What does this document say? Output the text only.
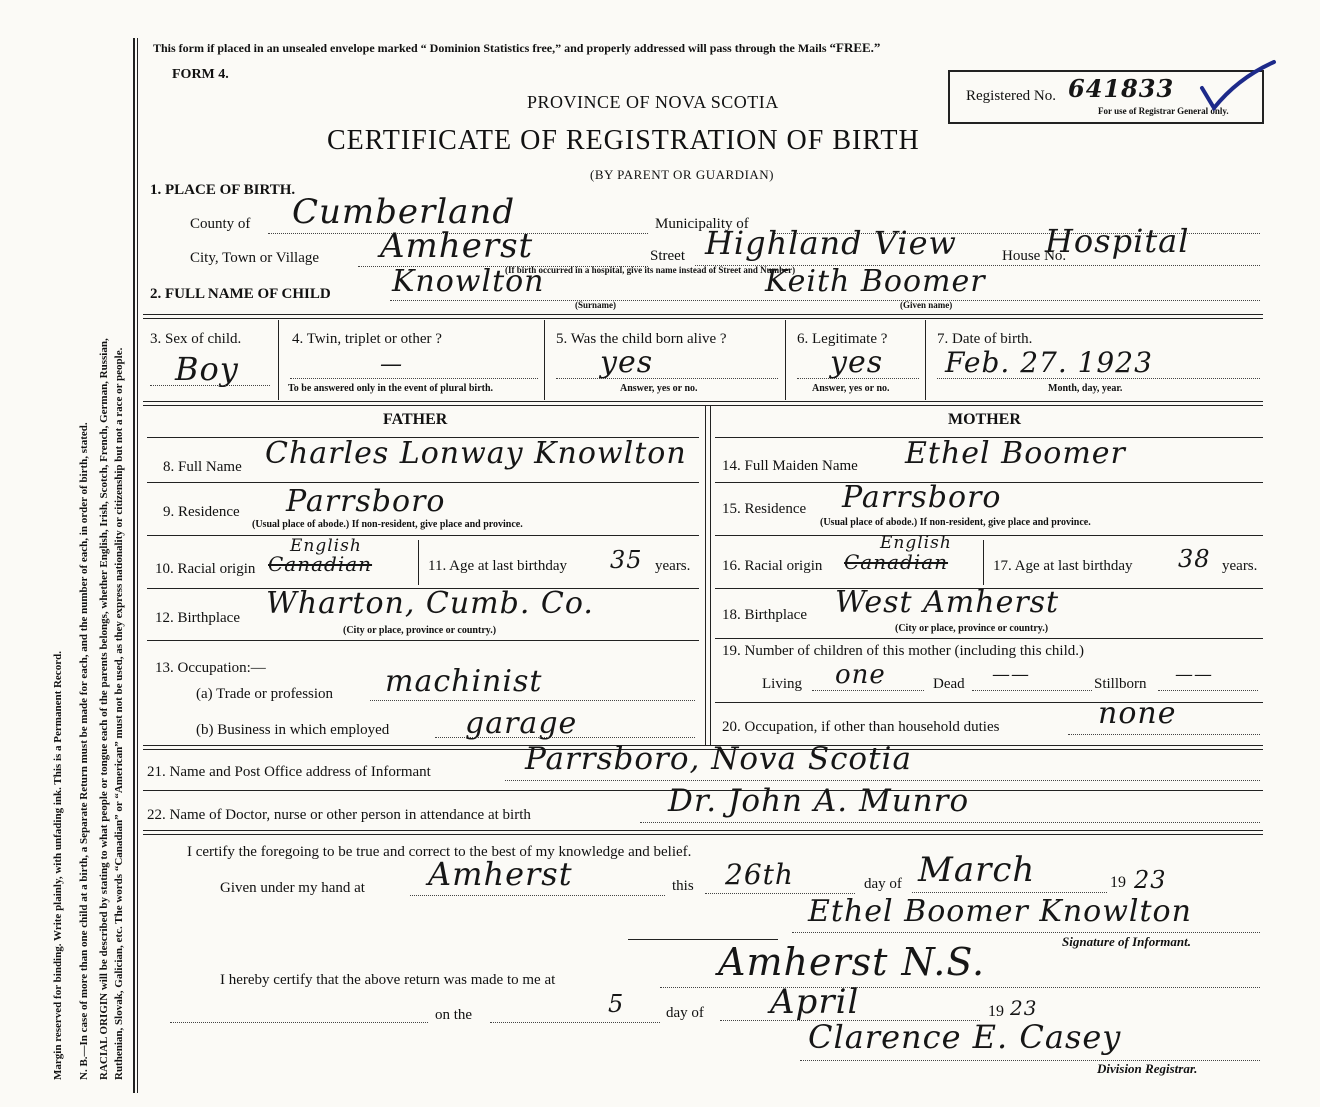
Margin reserved for binding. Write plainly, with unfading ink. This is a Permanent Record. N. B.—In case of more than one child at a birth, a Separate Return must be made for each, and the number of each, in order of birth, stated. RACIAL ORIGIN will be described by stating to what people or tongue each of the parents belongs, whether English, Irish, Scotch, French, German, Russian, Ruthenian, Slovak, Galician, etc. The words “Canadian” or “American” must not be used, as they express nationality or citizenship but not a race or people.
This form if placed in an unsealed envelope marked “ Dominion Statistics free,” and properly addressed will pass through the Mails “FREE.”
FORM 4.
PROVINCE OF NOVA SCOTIA
CERTIFICATE OF REGISTRATION OF BIRTH
(BY PARENT OR GUARDIAN)
Registered No. 641833
For use of Registrar General only.
1. PLACE OF BIRTH.
County of Cumberland	Municipality of
City, Town or Village Amherst	Street Highland View	House No.
Hospital
(If birth occurred in a hospital, give its name instead of Street and Number)
2. FULL NAME OF CHILD Knowlton
(Surname)
Keith Boomer
(Given name)
3. Sex of child.
Boy
4. Twin, triplet or other ?
—
To be answered only in the event of plural birth.
5. Was the child born alive ?
yes
Answer, yes or no.
6. Legitimate ?
yes
Answer, yes or no.
7. Date of birth.
Feb. 27. 1923
Month, day, year.
FATHER	MOTHER
8. Full Name Charles Lonway Knowlton
9. Residence Parrsboro
(Usual place of abode.) If non-resident, give place and province.
10. Racial origin Canadian
English
11. Age at last birthday 35 years.
12. Birthplace Wharton, Cumb. Co.
(City or place, province or country.)
13. Occupation:—
(a) Trade or profession machinist
(b) Business in which employed	garage
14. Full Maiden Name Ethel Boomer
15. Residence Parrsboro
(Usual place of abode.) If non-resident, give place and province.
16. Racial origin Canadian
English
17. Age at last birthday 38 years.
18. Birthplace West Amherst
(City or place, province or country.)
19. Number of children of this mother (including this child.)
Living one	Dead ——	Stillborn ——
20. Occupation, if other than household duties	none
21. Name and Post Office address of Informant	Parrsboro, Nova Scotia
22. Name of Doctor, nurse or other person in attendance at birth	Dr. John A. Munro
I certify the foregoing to be true and correct to the best of my knowledge and belief.
Given under my hand at Amherst	this 26th	day of March	19 23
Ethel Boomer Knowlton
Signature of Informant.
I hereby certify that the above return was made to me at	Amherst N.S.
on the	5	day of April	19 23
Clarence E. Casey
Division Registrar.
